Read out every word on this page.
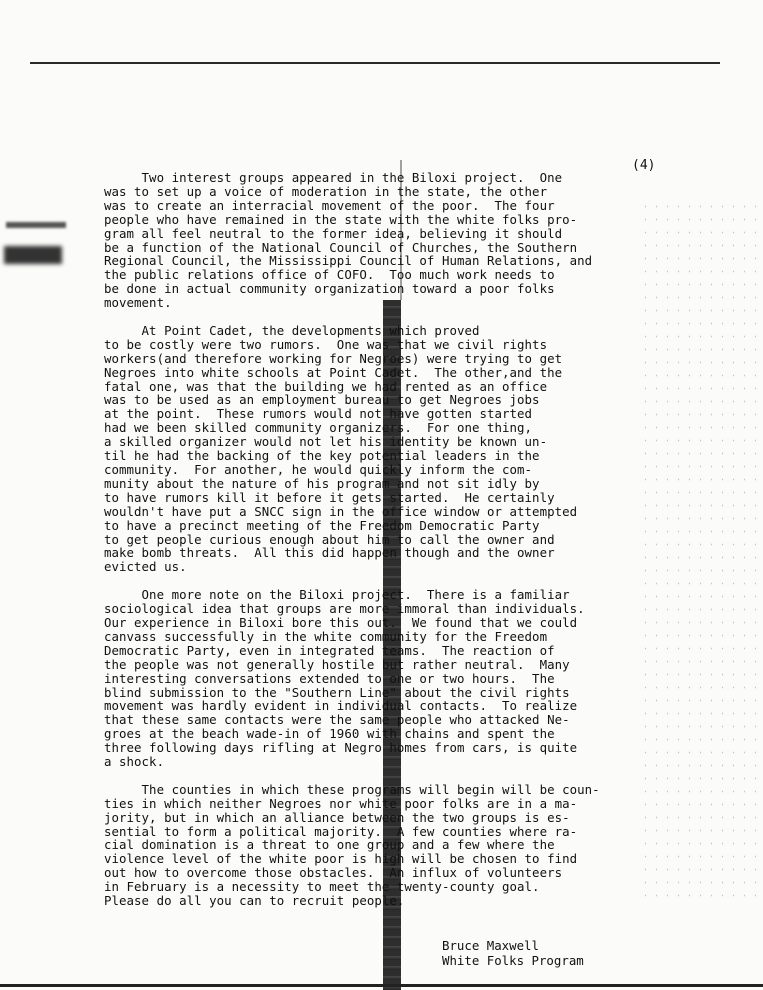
(4)
Two interest groups appeared in the Biloxi project.  One
was to set up a voice of moderation in the state, the other
was to create an interracial movement of the poor.  The four
people who have remained in the state with the white folks pro-
gram all feel neutral to the former idea, believing it should
be a function of the National Council of Churches, the Southern
Regional Council, the Mississippi Council of Human Relations, and
the public relations office of COFO.  Too much work needs to
be done in actual community organization toward a poor folks
movement.
At Point Cadet, the developments which proved
to be costly were two rumors.  One was that we civil rights
workers(and therefore working for Negroes) were trying to get
Negroes into white schools at Point Cadet.  The other,and the
fatal one, was that the building we had rented as an office
was to be used as an employment bureau to get Negroes jobs
at the point.  These rumors would not have gotten started
had we been skilled community organizers.  For one thing,
a skilled organizer would not let his identity be known un-
til he had the backing of the key potential leaders in the
community.  For another, he would quickly inform the com-
munity about the nature of his program and not sit idly by
to have rumors kill it before it gets started.  He certainly
wouldn't have put a SNCC sign in the office window or attempted
to have a precinct meeting of the Freedom Democratic Party
to get people curious enough about him to call the owner and
make bomb threats.  All this did happen though and the owner
evicted us.
One more note on the Biloxi project.  There is a familiar
sociological idea that groups are more immoral than individuals.
Our experience in Biloxi bore this out.  We found that we could
canvass successfully in the white community for the Freedom
Democratic Party, even in integrated teams.  The reaction of
the people was not generally hostile but rather neutral.  Many
interesting conversations extended to one or two hours.  The
blind submission to the "Southern Line" about the civil rights
movement was hardly evident in individual contacts.  To realize
that these same contacts were the same people who attacked Ne-
groes at the beach wade-in of 1960 with chains and spent the
three following days rifling at Negro homes from cars, is quite
a shock.
The counties in which these programs will begin will be coun-
ties in which neither Negroes nor white poor folks are in a ma-
jority, but in which an alliance between the two groups is es-
sential to form a political majority.  A few counties where ra-
cial domination is a threat to one group and a few where the
violence level of the white poor is high will be chosen to find
out how to overcome those obstacles.  An influx of volunteers
in February is a necessity to meet the twenty-county goal.
Please do all you can to recruit people.
Bruce Maxwell
White Folks Program
